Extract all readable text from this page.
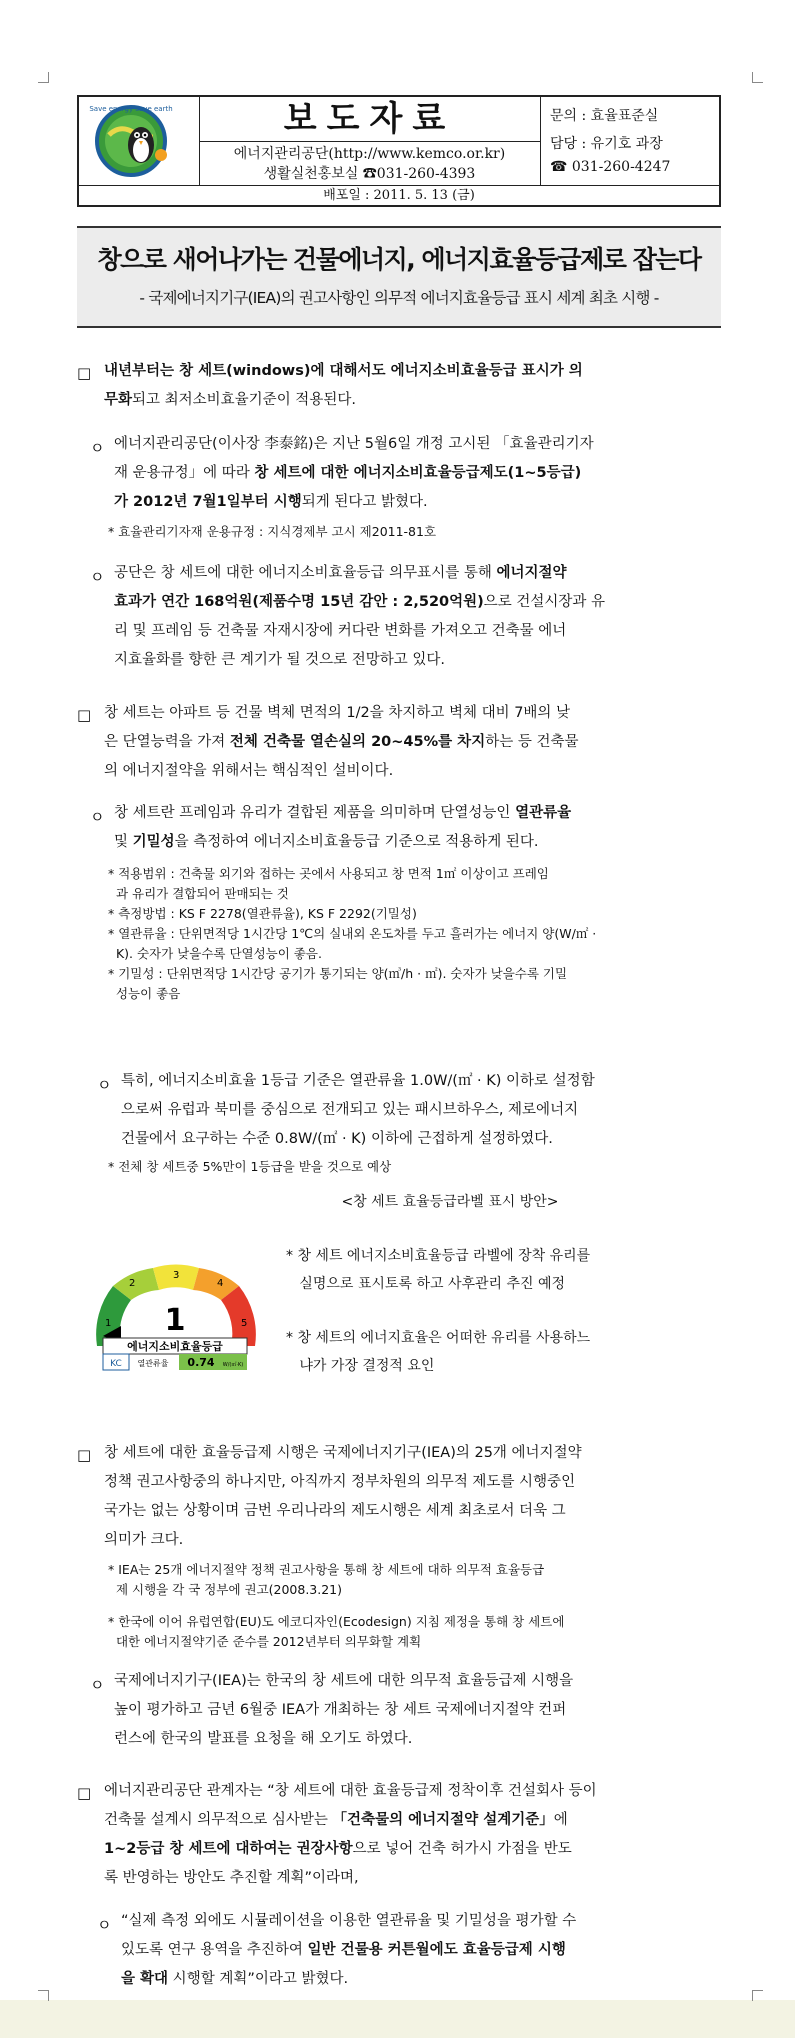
Save energy save earth	보도자료
에너지관리공단(http://www.kemco.or.kr)
생활실천홍보실 ☎031-260-4393
문의 : 효율표준실
담당 : 유기호 과장
☎ 031-260-4247
배포일 : 2011. 5. 13 (금)
창으로 새어나가는 건물에너지, 에너지효율등급제로 잡는다
- 국제에너지기구(IEA)의 권고사항인 의무적 에너지효율등급 표시 세계 최초 시행 -
□ 내년부터는 창 세트(windows)에 대해서도 에너지소비효율등급 표시가 의
무화되고 최저소비효율기준이 적용된다.
ㅇ 에너지관리공단(이사장 李泰銘)은 지난 5월6일 개정 고시된 「효율관리기자
재 운용규정」에 따라 창 세트에 대한 에너지소비효율등급제도(1~5등급)
가 2012년 7월1일부터 시행되게 된다고 밝혔다.
* 효율관리기자재 운용규정 : 지식경제부 고시 제2011-81호
ㅇ 공단은 창 세트에 대한 에너지소비효율등급 의무표시를 통해 에너지절약
효과가 연간 168억원(제품수명 15년 감안 : 2,520억원)으로 건설시장과 유
리 및 프레임 등 건축물 자재시장에 커다란 변화를 가져오고 건축물 에너
지효율화를 향한 큰 계기가 될 것으로 전망하고 있다.
□ 창 세트는 아파트 등 건물 벽체 면적의 1/2을 차지하고 벽체 대비 7배의 낮
은 단열능력을 가져 전체 건축물 열손실의 20~45%를 차지하는 등 건축물
의 에너지절약을 위해서는 핵심적인 설비이다.
ㅇ 창 세트란 프레임과 유리가 결합된 제품을 의미하며 단열성능인 열관류율
및 기밀성을 측정하여 에너지소비효율등급 기준으로 적용하게 된다.
* 적용범위 : 건축물 외기와 접하는 곳에서 사용되고 창 면적 1㎡ 이상이고 프레임
과 유리가 결합되어 판매되는 것
* 측정방법 : KS F 2278(열관류율), KS F 2292(기밀성)
* 열관류율 : 단위면적당 1시간당 1℃의 실내외 온도차를 두고 흘러가는 에너지 양(W/㎡ ·
K). 숫자가 낮을수록 단열성능이 좋음.
* 기밀성 : 단위면적당 1시간당 공기가 통기되는 양(㎥/h · ㎡). 숫자가 낮을수록 기밀
성능이 좋음
ㅇ 특히, 에너지소비효율 1등급 기준은 열관류율 1.0W/(㎡ · K) 이하로 설정함
으로써 유럽과 북미를 중심으로 전개되고 있는 패시브하우스, 제로에너지
건물에서 요구하는 수준 0.8W/(㎡ · K) 이하에 근접하게 설정하였다.
* 전체 창 세트중 5%만이 1등급을 받을 것으로 예상
<창 세트 효율등급라벨 표시 방안>
1
2
3
4
5
1
에너지소비효율등급
KC 열관류율 0.74 W/(㎡·K)
* 창 세트 에너지소비효율등급 라벨에 장착 유리를
실명으로 표시토록 하고 사후관리 추진 예정
* 창 세트의 에너지효율은 어떠한 유리를 사용하느
냐가 가장 결정적 요인
□ 창 세트에 대한 효율등급제 시행은 국제에너지기구(IEA)의 25개 에너지절약
정책 권고사항중의 하나지만, 아직까지 정부차원의 의무적 제도를 시행중인
국가는 없는 상황이며 금번 우리나라의 제도시행은 세계 최초로서 더욱 그
의미가 크다.
* IEA는 25개 에너지절약 정책 권고사항을 통해 창 세트에 대하 의무적 효율등급
제 시행을 각 국 정부에 권고(2008.3.21)
* 한국에 이어 유럽연합(EU)도 에코디자인(Ecodesign) 지침 제정을 통해 창 세트에
대한 에너지절약기준 준수를 2012년부터 의무화할 계획
ㅇ 국제에너지기구(IEA)는 한국의 창 세트에 대한 의무적 효율등급제 시행을
높이 평가하고 금년 6월중 IEA가 개최하는 창 세트 국제에너지절약 컨퍼
런스에 한국의 발표를 요청을 해 오기도 하였다.
□ 에너지관리공단 관계자는 “창 세트에 대한 효율등급제 정착이후 건설회사 등이
건축물 설계시 의무적으로 심사받는 「건축물의 에너지절약 설계기준」에
1~2등급 창 세트에 대하여는 권장사항으로 넣어 건축 허가시 가점을 반도
록 반영하는 방안도 추진할 계획”이라며,
ㅇ “실제 측정 외에도 시뮬레이션을 이용한 열관류율 및 기밀성을 평가할 수
있도록 연구 용역을 추진하여 일반 건물용 커튼월에도 효율등급제 시행
을 확대 시행할 계획”이라고 밝혔다.
